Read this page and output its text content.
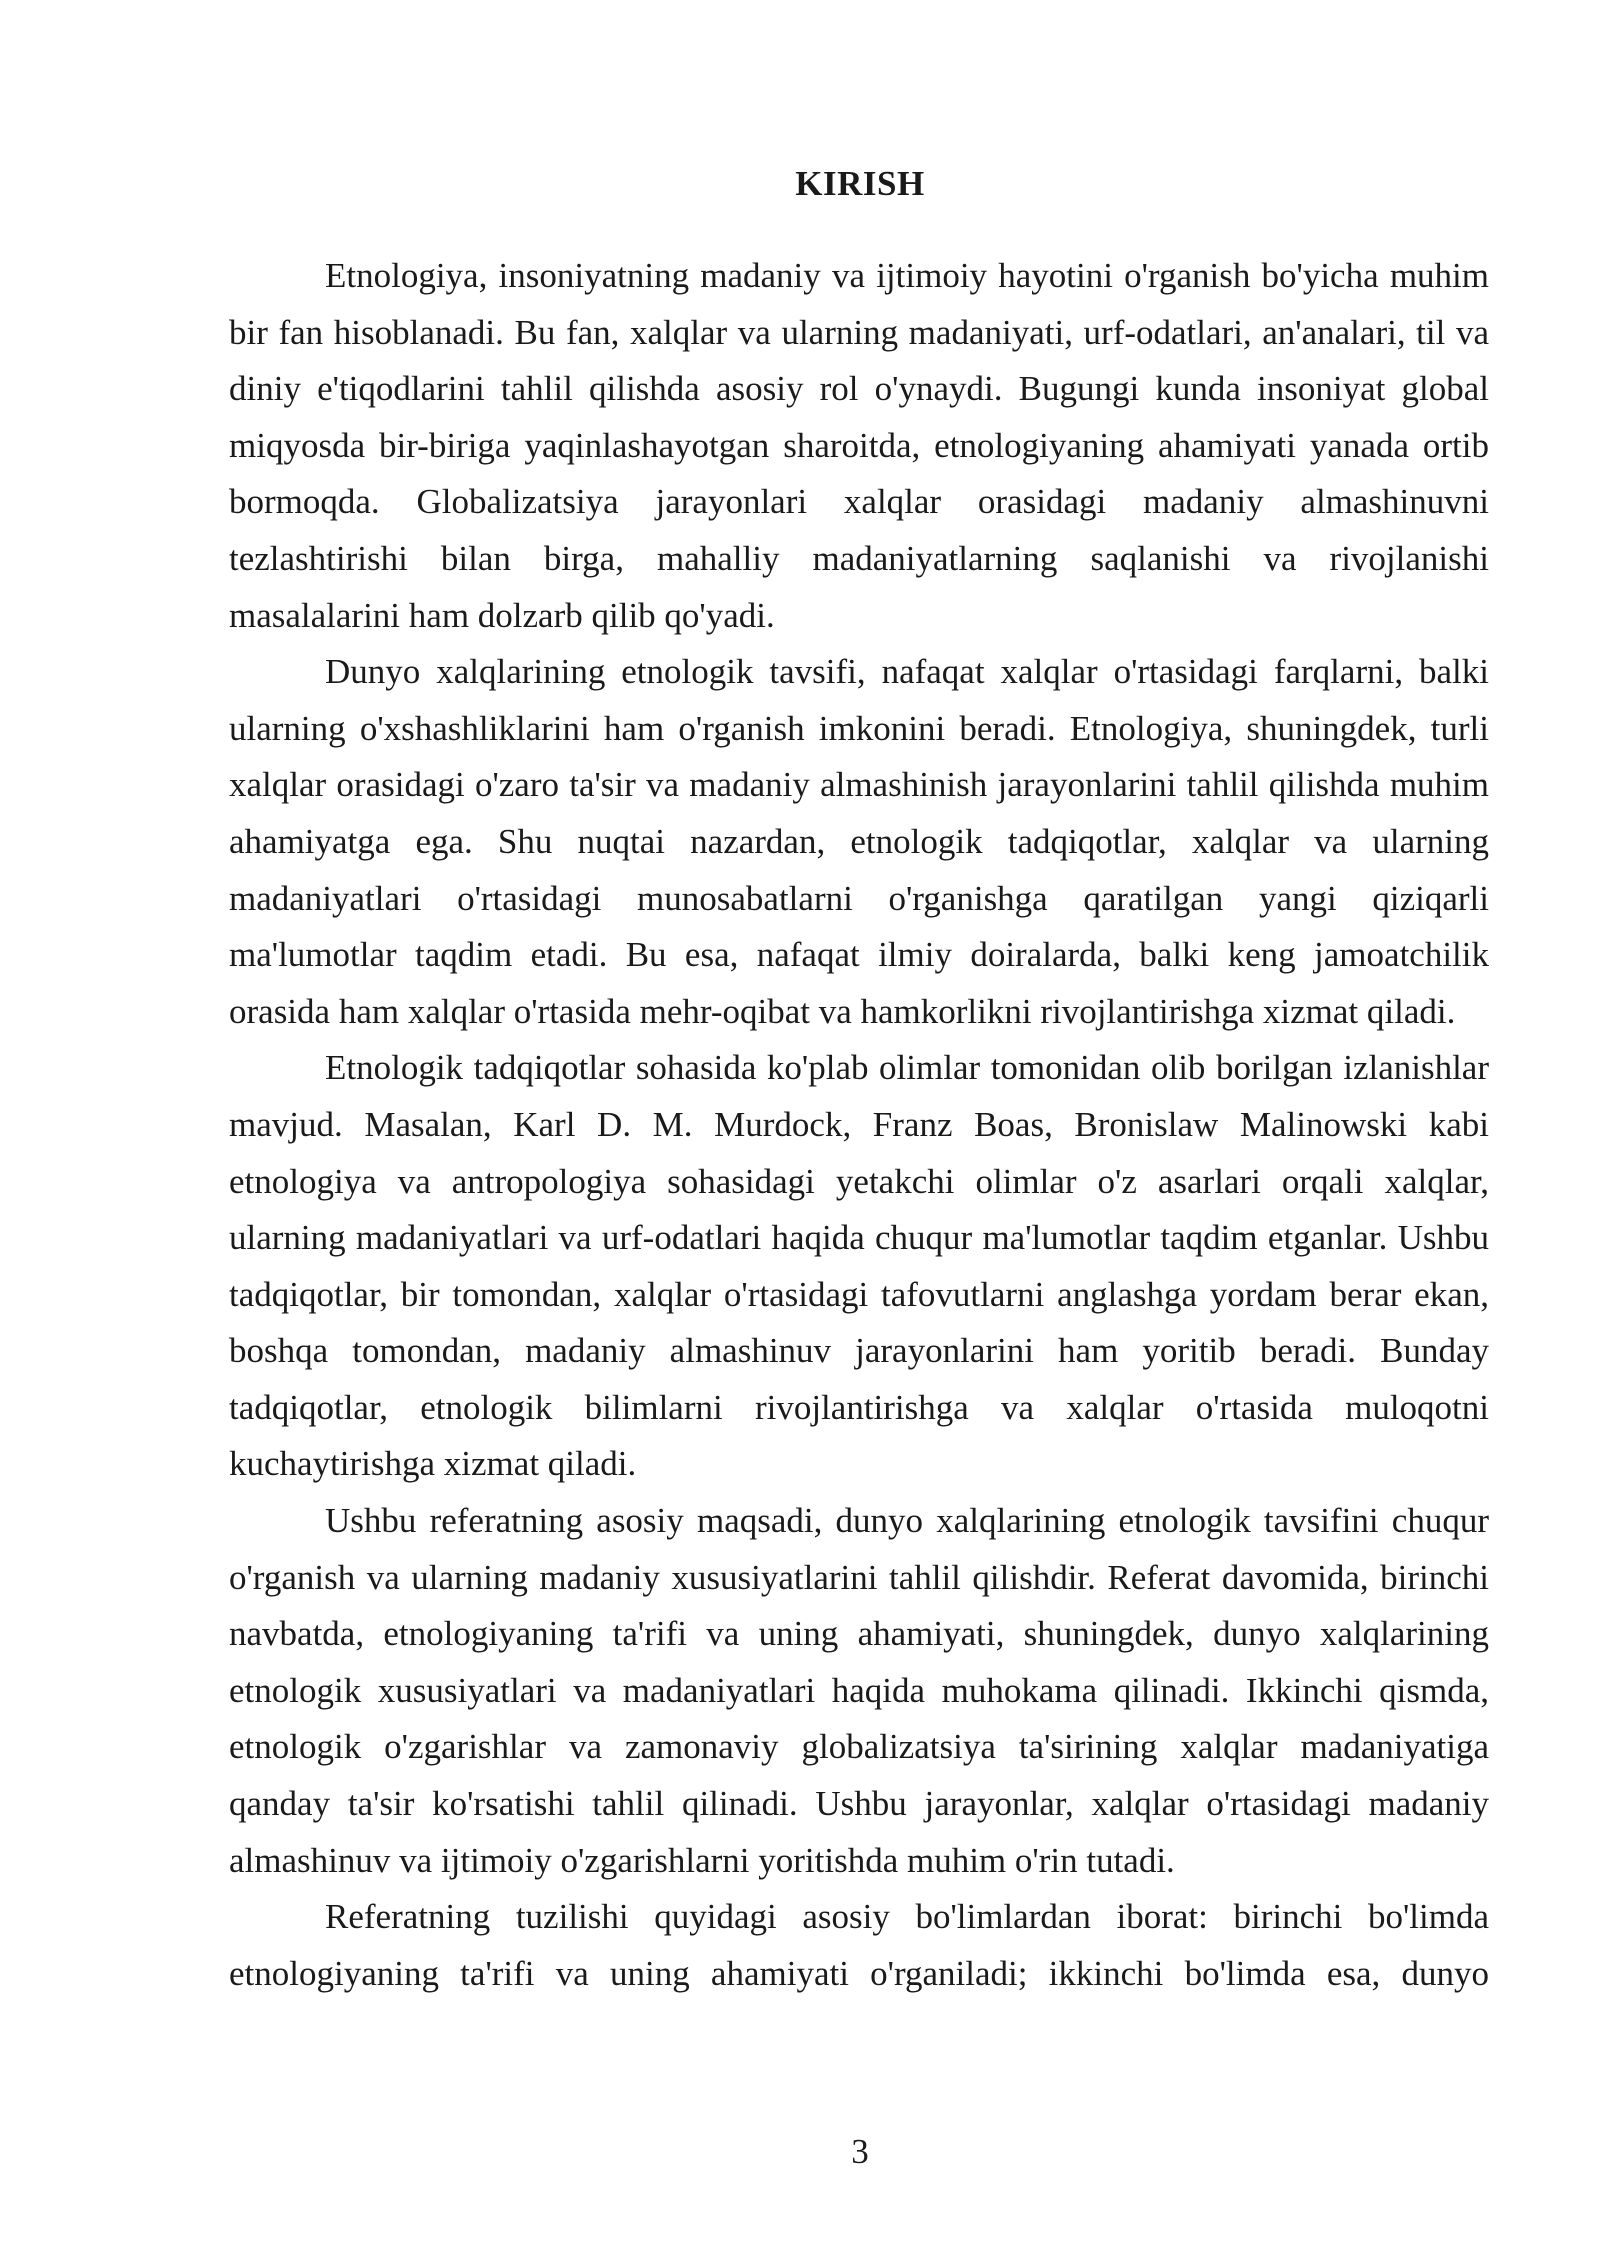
KIRISH

Etnologiya, insoniyatning madaniy va ijtimoiy hayotini o'rganish bo'yicha muhim bir fan hisoblanadi. Bu fan, xalqlar va ularning madaniyati, urf-odatlari, an'analari, til va diniy e'tiqodlarini tahlil qilishda asosiy rol o'ynaydi. Bugungi kunda insoniyat global miqyosda bir-biriga yaqinlashayotgan sharoitda, etnologiyaning ahamiyati yanada ortib bormoqda. Globalizatsiya jarayonlari xalqlar orasidagi madaniy almashinuvni tezlashtirishi bilan birga, mahalliy madaniyatlarning saqlanishi va rivojlanishi masalalarini ham dolzarb qilib qo'yadi.

Dunyo xalqlarining etnologik tavsifi, nafaqat xalqlar o'rtasidagi farqlarni, balki ularning o'xshashliklarini ham o'rganish imkonini beradi. Etnologiya, shuningdek, turli xalqlar orasidagi o'zaro ta'sir va madaniy almashinish jarayonlarini tahlil qilishda muhim ahamiyatga ega. Shu nuqtai nazardan, etnologik tadqiqotlar, xalqlar va ularning madaniyatlari o'rtasidagi munosabatlarni o'rganishga qaratilgan yangi qiziqarli ma'lumotlar taqdim etadi. Bu esa, nafaqat ilmiy doiralarda, balki keng jamoatchilik orasida ham xalqlar o'rtasida mehr-oqibat va hamkorlikni rivojlantirishga xizmat qiladi.

Etnologik tadqiqotlar sohasida ko'plab olimlar tomonidan olib borilgan izlanishlar mavjud. Masalan, Karl D. M. Murdock, Franz Boas, Bronislaw Malinowski kabi etnologiya va antropologiya sohasidagi yetakchi olimlar o'z asarlari orqali xalqlar, ularning madaniyatlari va urf-odatlari haqida chuqur ma'lumotlar taqdim etganlar. Ushbu tadqiqotlar, bir tomondan, xalqlar o'rtasidagi tafovutlarni anglashga yordam berar ekan, boshqa tomondan, madaniy almashinuv jarayonlarini ham yoritib beradi. Bunday tadqiqotlar, etnologik bilimlarni rivojlantirishga va xalqlar o'rtasida muloqotni kuchaytirishga xizmat qiladi.

Ushbu referatning asosiy maqsadi, dunyo xalqlarining etnologik tavsifini chuqur o'rganish va ularning madaniy xususiyatlarini tahlil qilishdir. Referat davomida, birinchi navbatda, etnologiyaning ta'rifi va uning ahamiyati, shuningdek, dunyo xalqlarining etnologik xususiyatlari va madaniyatlari haqida muhokama qilinadi. Ikkinchi qismda, etnologik o'zgarishlar va zamonaviy globalizatsiya ta'sirining xalqlar madaniyatiga qanday ta'sir ko'rsatishi tahlil qilinadi. Ushbu jarayonlar, xalqlar o'rtasidagi madaniy almashinuv va ijtimoiy o'zgarishlarni yoritishda muhim o'rin tutadi.

Referatning tuzilishi quyidagi asosiy bo'limlardan iborat: birinchi bo'limda etnologiyaning ta'rifi va uning ahamiyati o'rganiladi; ikkinchi bo'limda esa, dunyo

3
